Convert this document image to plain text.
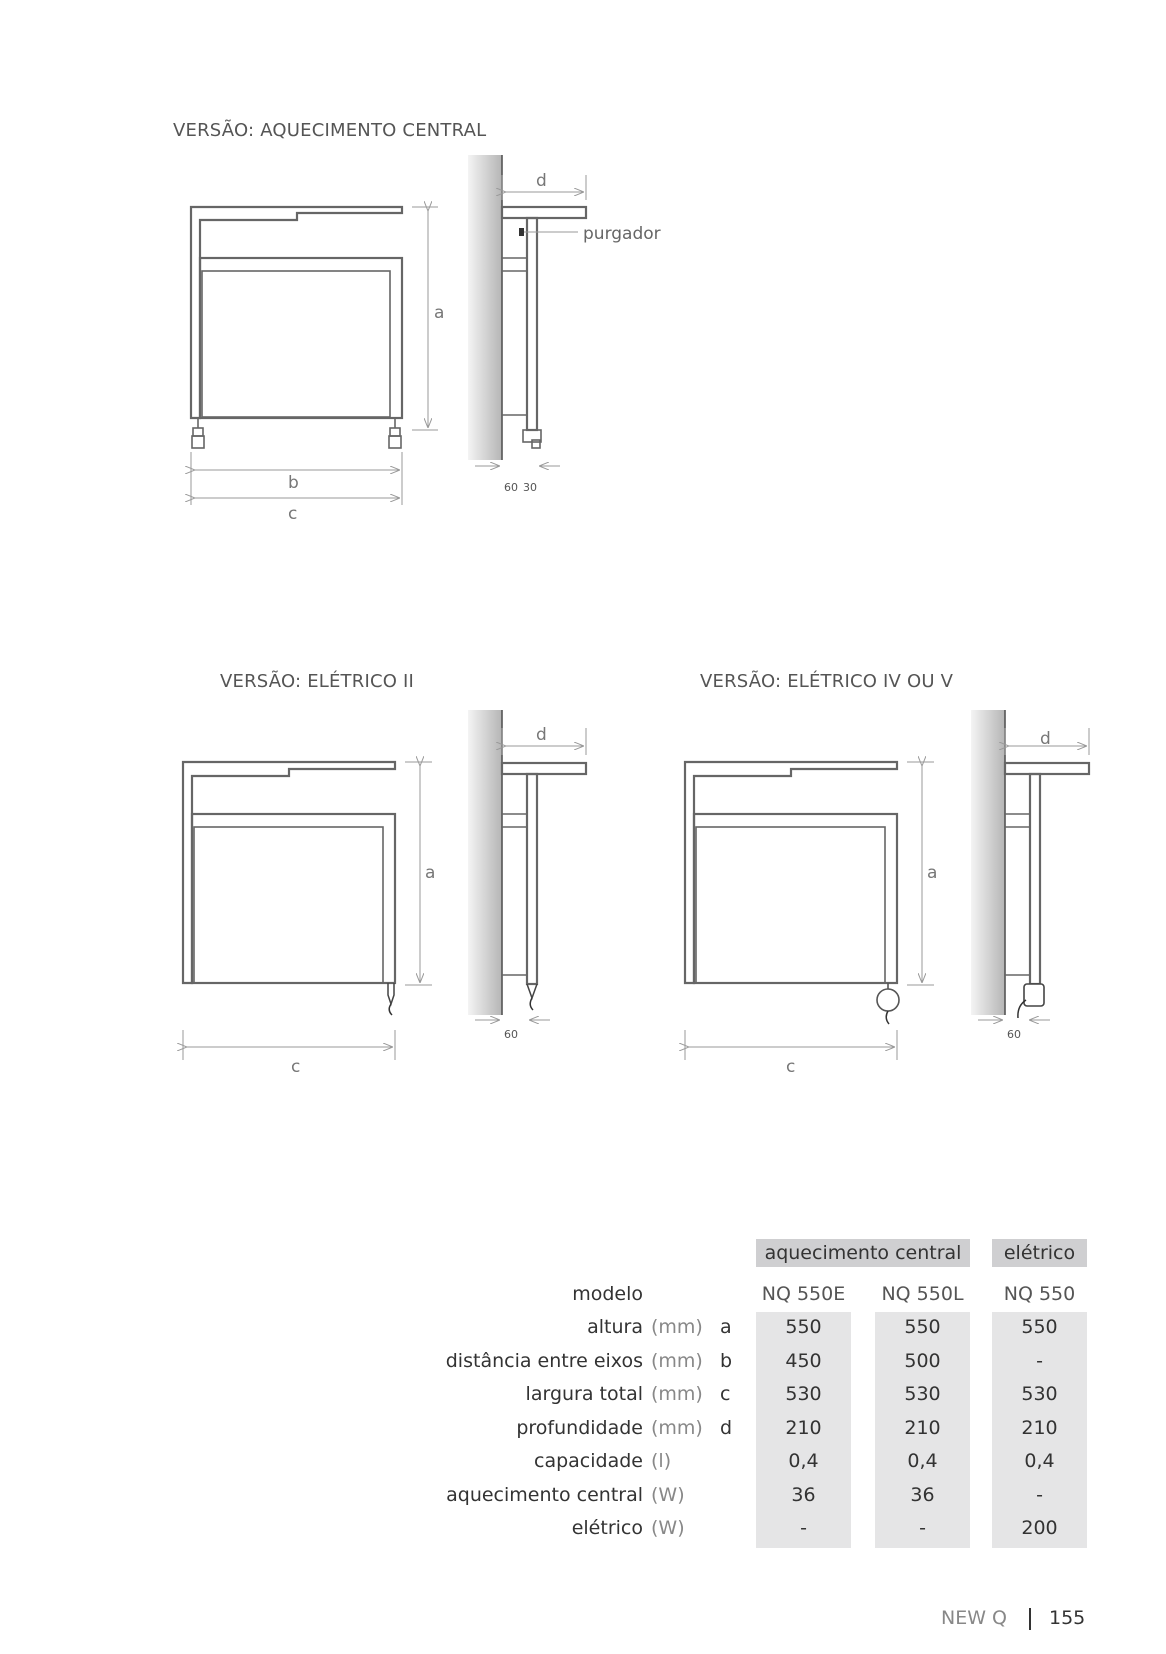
VERSÃO: AQUECIMENTO CENTRAL
a
b
c
d
purgador
60 30
VERSÃO: ELÉTRICO II
a
c
d
60
VERSÃO: ELÉTRICO IV OU V
a
c
d
60
aquecimento central	elétrico
modelo	NQ 550E	NQ 550L	NQ 550
altura (mm) a	550	550	550
distância entre eixos (mm) b	450	500	-
largura total (mm) c	530	530	530
profundidade (mm) d	210	210	210
capacidade (l)	0,4	0,4	0,4
aquecimento central (W)	36	36	-
elétrico (W)	-	-	200
NEW Q 155
